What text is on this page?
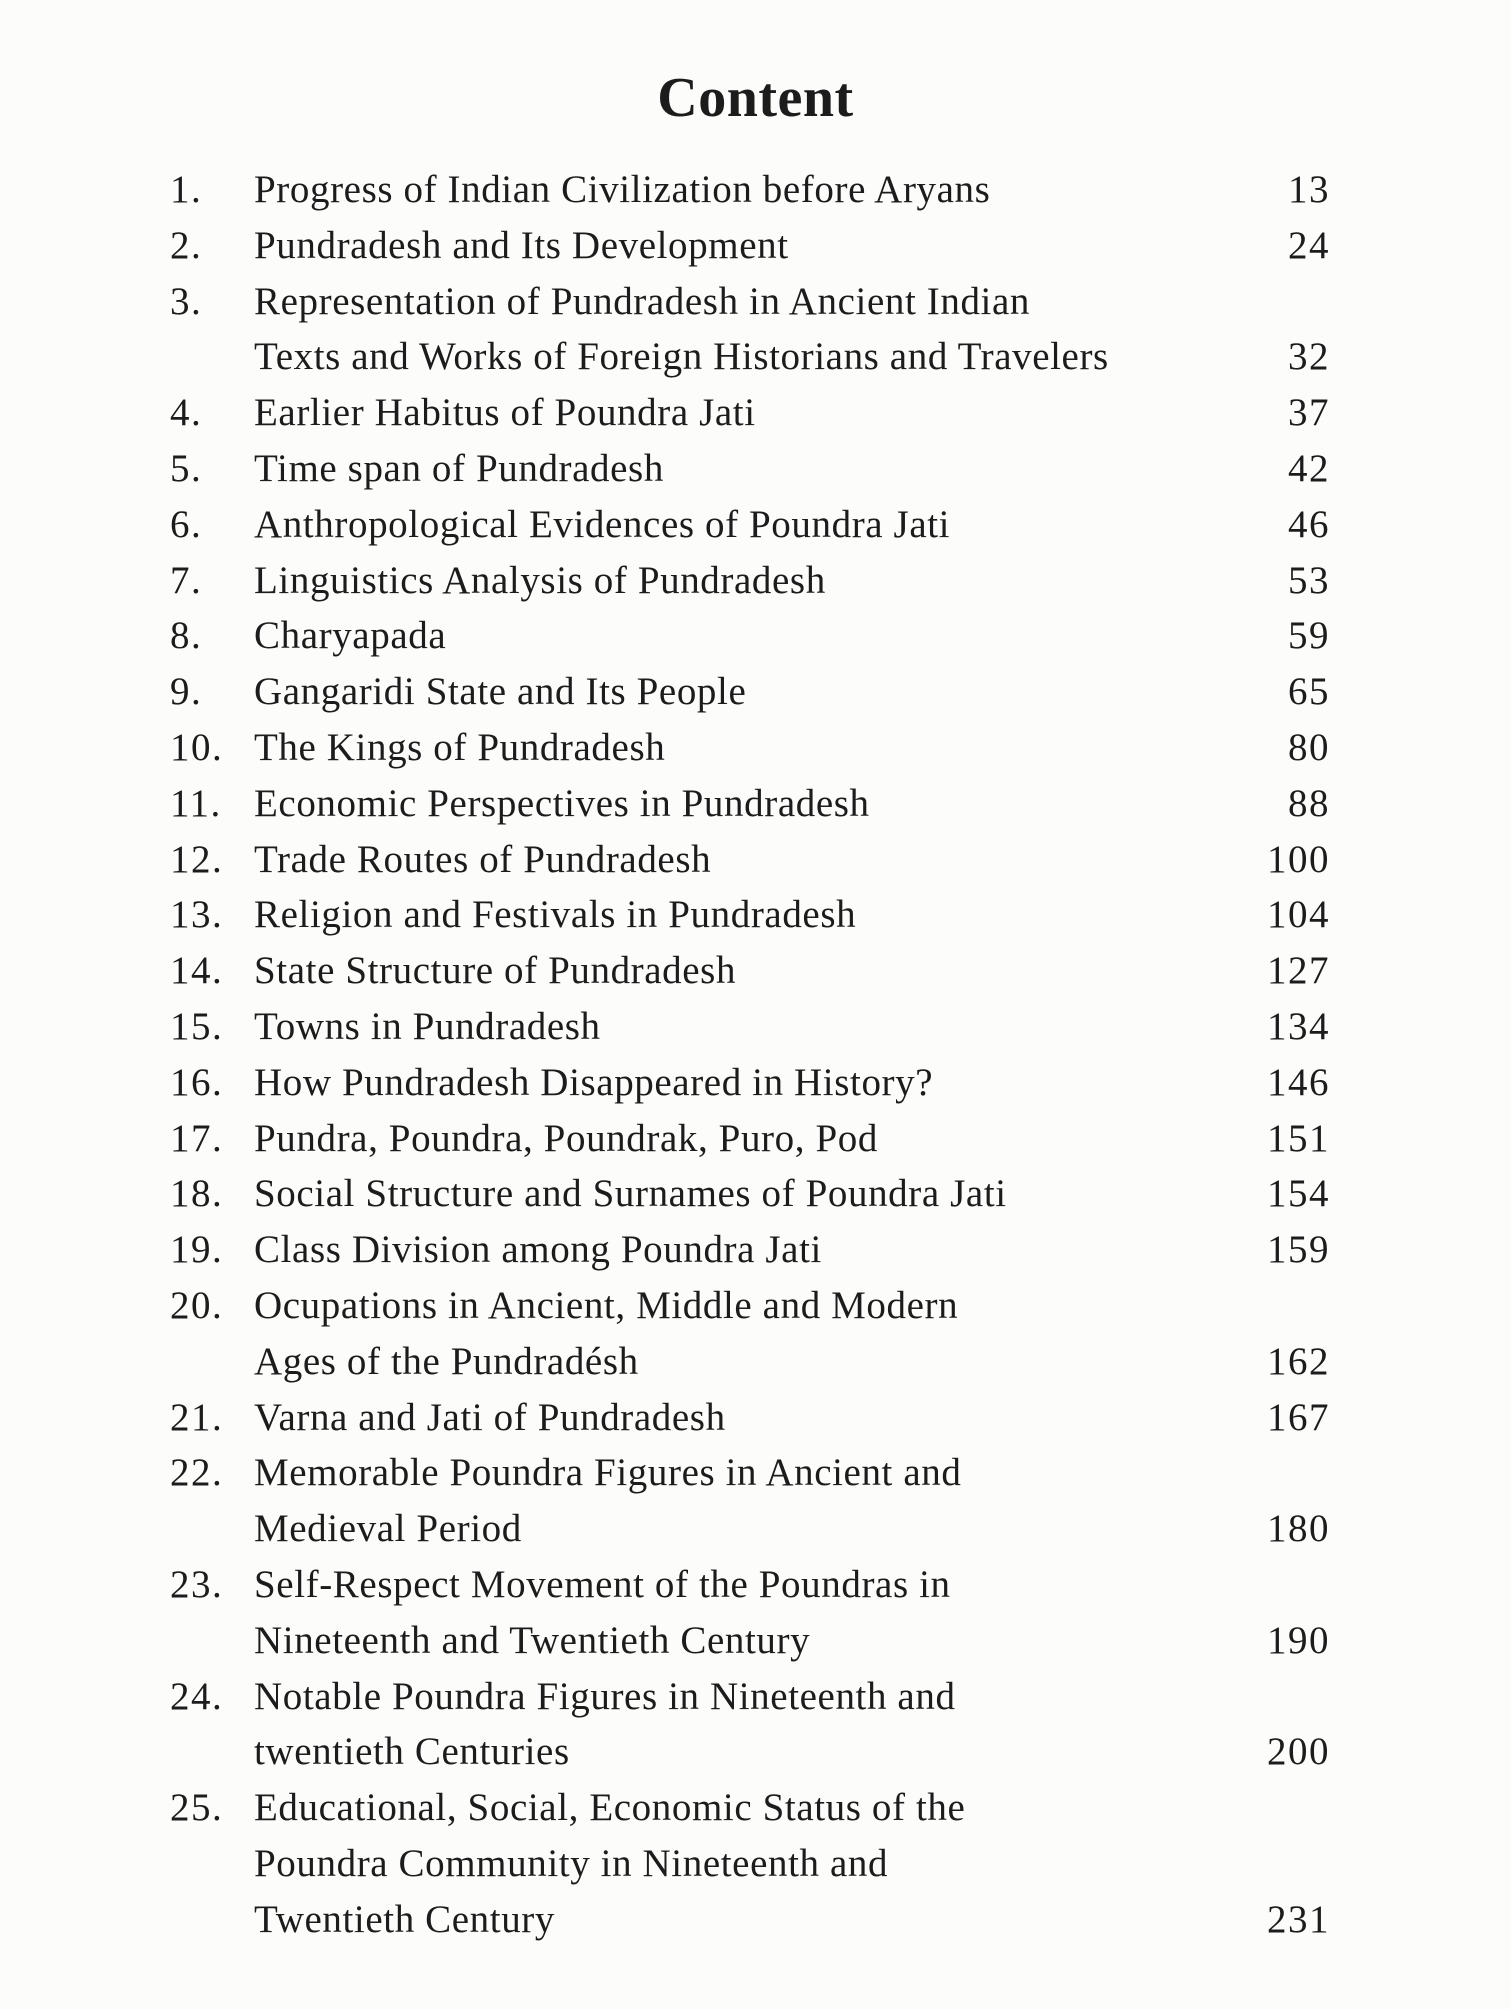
Content
1.	Progress of Indian Civilization before Aryans	13
2.	Pundradesh and Its Development	24
3.	Representation of Pundradesh in Ancient Indian
Texts and Works of Foreign Historians and Travelers	32
4.	Earlier Habitus of Poundra Jati	37
5.	Time span of Pundradesh	42
6.	Anthropological Evidences of Poundra Jati	46
7.	Linguistics Analysis of Pundradesh	53
8.	Charyapada	59
9.	Gangaridi State and Its People	65
10. The Kings of Pundradesh	80
11. Economic Perspectives in Pundradesh	88
12. Trade Routes of Pundradesh	100
13. Religion and Festivals in Pundradesh	104
14. State Structure of Pundradesh	127
15. Towns in Pundradesh	134
16. How Pundradesh Disappeared in History?	146
17. Pundra, Poundra, Poundrak, Puro, Pod	151
18. Social Structure and Surnames of Poundra Jati	154
19. Class Division among Poundra Jati	159
20. Ocupations in Ancient, Middle and Modern
Ages of the Pundradésh	162
21. Varna and Jati of Pundradesh	167
22. Memorable Poundra Figures in Ancient and
Medieval Period	180
23. Self-Respect Movement of the Poundras in
Nineteenth and Twentieth Century	190
24. Notable Poundra Figures in Nineteenth and
twentieth Centuries	200
25. Educational, Social, Economic Status of the
Poundra Community in Nineteenth and
Twentieth Century	231
